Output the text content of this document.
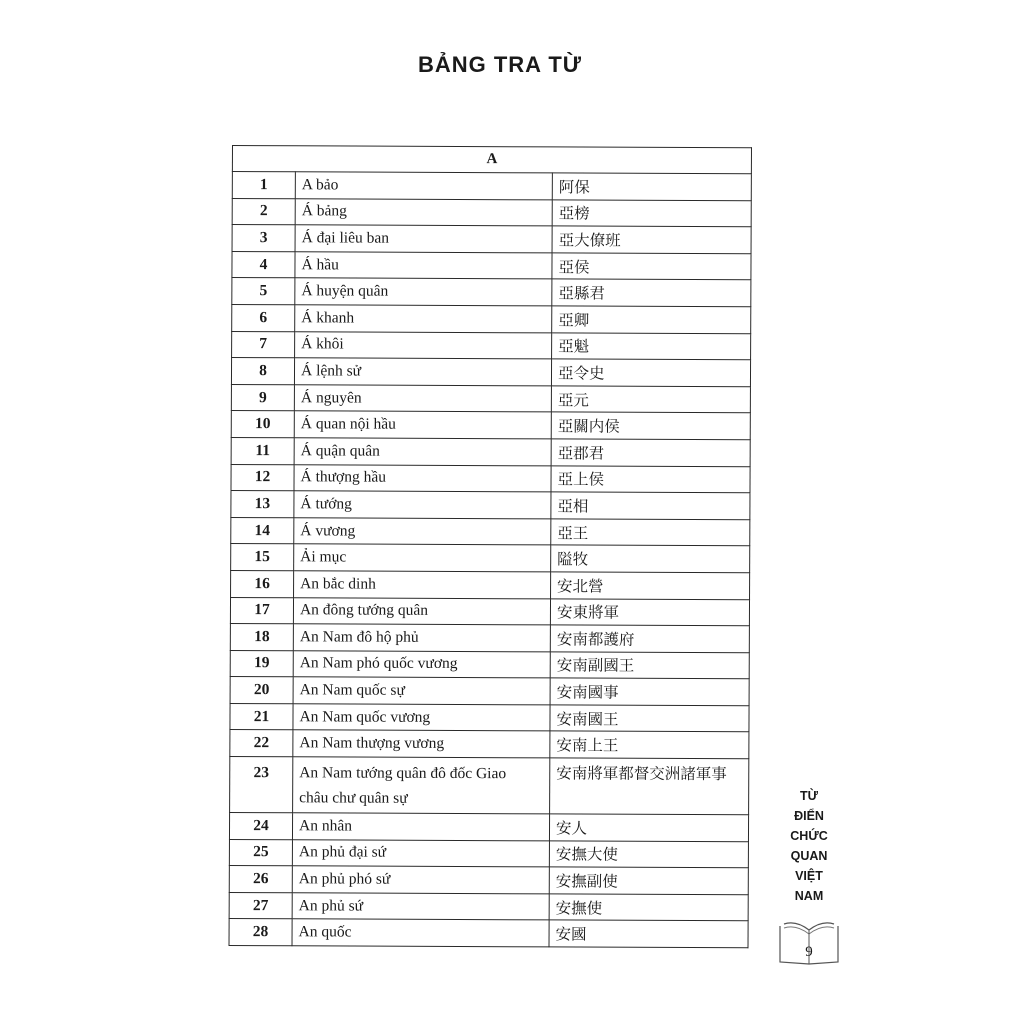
BẢNG TRA TỪ
A		
1	A bảo	阿保
2	Á bảng	亞榜
3	Á đại liêu ban	亞大僚班
4	Á hầu	亞侯
5	Á huyện quân	亞縣君
6	Á khanh	亞卿
7	Á khôi	亞魁
8	Á lệnh sử	亞令史
9	Á nguyên	亞元
10	Á quan nội hầu	亞關内侯
11	Á quận quân	亞郡君
12	Á thượng hầu	亞上侯
13	Á tướng	亞相
14	Á vương	亞王
15	Ải mục	隘牧
16	An bắc dinh	安北營
17	An đông tướng quân	安東將軍
18	An Nam đô hộ phủ	安南都護府
19	An Nam phó quốc vương	安南副國王
20	An Nam quốc sự	安南國事
21	An Nam quốc vương	安南國王
22	An Nam thượng vương	安南上王
23	An Nam tướng quân đô đốc Giao
châu chư quân sự	安南將軍都督交洲諸軍事
24	An nhân	安人
25	An phủ đại sứ	安撫大使
26	An phủ phó sứ	安撫副使
27	An phủ sứ	安撫使
28	An quốc	安國
TỪ
ĐIỂN
CHỨC
QUAN
VIỆT
NAM
9
